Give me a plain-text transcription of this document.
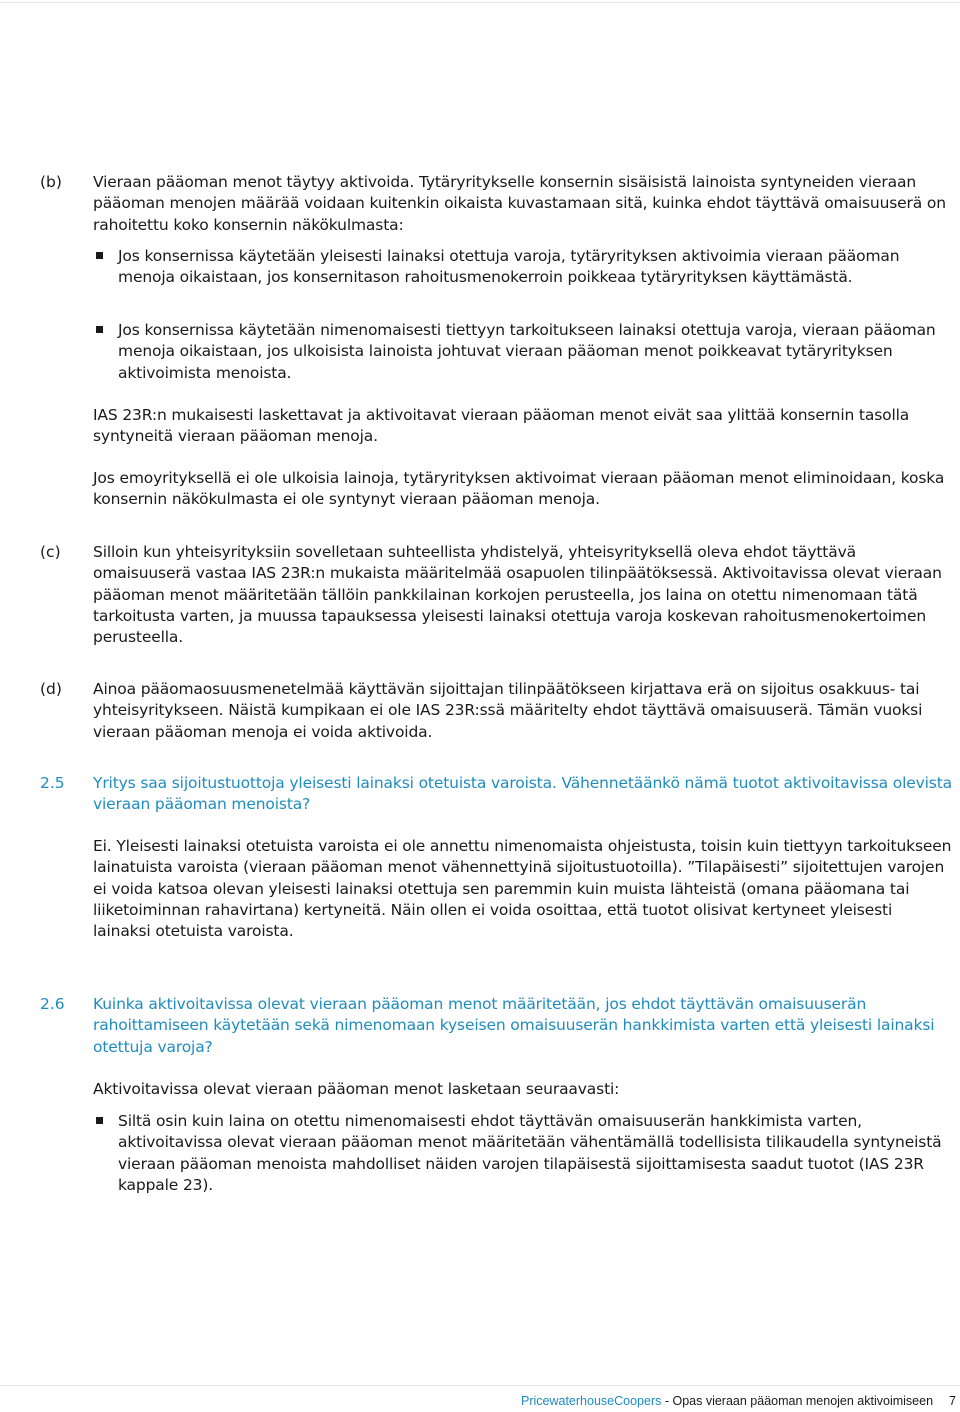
(b) Vieraan pääoman menot täytyy aktivoida. Tytäryritykselle konsernin sisäisistä lainoista syntyneiden vieraan pääoman menojen määrää voidaan kuitenkin oikaista kuvastamaan sitä, kuinka ehdot täyttävä omaisuuserä on rahoitettu koko konsernin näkökulmasta:
Jos konsernissa käytetään yleisesti lainaksi otettuja varoja, tytäryrityksen aktivoimia vieraan pääoman menoja oikaistaan, jos konsernitason rahoitusmenokerroin poikkeaa tytäryrityksen käyttämästä.
Jos konsernissa käytetään nimenomaisesti tiettyyn tarkoitukseen lainaksi otettuja varoja, vieraan pääoman menoja oikaistaan, jos ulkoisista lainoista johtuvat vieraan pääoman menot poikkeavat tytäryrityksen aktivoimista menoista.
IAS 23R:n mukaisesti laskettavat ja aktivoitavat vieraan pääoman menot eivät saa ylittää konsernin tasolla syntyneitä vieraan pääoman menoja.
Jos emoyrityksellä ei ole ulkoisia lainoja, tytäryrityksen aktivoimat vieraan pääoman menot eliminoidaan, koska konsernin näkökulmasta ei ole syntynyt vieraan pääoman menoja.
(c) Silloin kun yhteisyrityksiin sovelletaan suhteellista yhdistelyä, yhteisyrityksellä oleva ehdot täyttävä omaisuuserä vastaa IAS 23R:n mukaista määritelmää osapuolen tilinpäätöksessä. Aktivoitavissa olevat vieraan pääoman menot määritetään tällöin pankkilainan korkojen perusteella, jos laina on otettu nimenomaan tätä tarkoitusta varten, ja muussa tapauksessa yleisesti lainaksi otettuja varoja koskevan rahoitusmenokertoimen perusteella.
(d) Ainoa pääomaosuusmenetelmää käyttävän sijoittajan tilinpäätökseen kirjattava erä on sijoitus osakkuus- tai yhteisyritykseen. Näistä kumpikaan ei ole IAS 23R:ssä määritelty ehdot täyttävä omaisuuserä. Tämän vuoksi vieraan pääoman menoja ei voida aktivoida.
2.5 Yritys saa sijoitustuottoja yleisesti lainaksi otetuista varoista. Vähennetäänkö nämä tuotot aktivoitavissa olevista vieraan pääoman menoista?
Ei. Yleisesti lainaksi otetuista varoista ei ole annettu nimenomaista ohjeistusta, toisin kuin tiettyyn tarkoitukseen lainatuista varoista (vieraan pääoman menot vähennettyinä sijoitustuotoilla). ”Tilapäisesti” sijoitettujen varojen ei voida katsoa olevan yleisesti lainaksi otettuja sen paremmin kuin muista lähteistä (omana pääomana tai liiketoiminnan rahavirtana) kertyneitä. Näin ollen ei voida osoittaa, että tuotot olisivat kertyneet yleisesti lainaksi otetuista varoista.
2.6 Kuinka aktivoitavissa olevat vieraan pääoman menot määritetään, jos ehdot täyttävän omaisuuserän rahoittamiseen käytetään sekä nimenomaan kyseisen omaisuuserän hankkimista varten että yleisesti lainaksi otettuja varoja?
Aktivoitavissa olevat vieraan pääoman menot lasketaan seuraavasti:
Siltä osin kuin laina on otettu nimenomaisesti ehdot täyttävän omaisuuserän hankkimista varten, aktivoitavissa olevat vieraan pääoman menot määritetään vähentämällä todellisista tilikaudella syntyneistä vieraan pääoman menoista mahdolliset näiden varojen tilapäisestä sijoittamisesta saadut tuotot (IAS 23R kappale 23).
PricewaterhouseCoopers - Opas vieraan pääoman menojen aktivoimiseen 7
